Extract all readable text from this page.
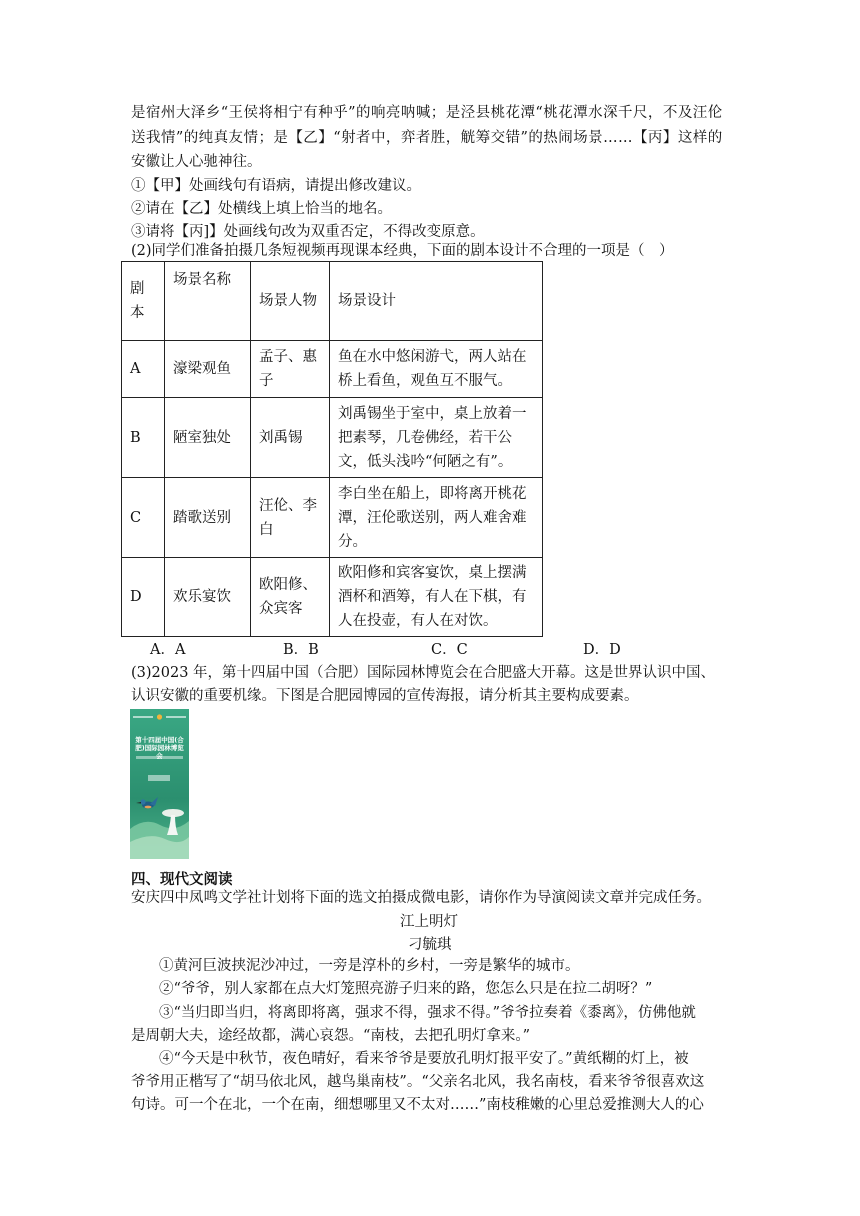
是宿州大泽乡“王侯将相宁有种乎”的响亮呐喊；是泾县桃花潭“桃花潭水深千尺，不及汪伦
送我情”的纯真友情；是【乙】“射者中，弈者胜，觥筹交错”的热闹场景……【丙】这样的
安徽让人心驰神往。
①【甲】处画线句有语病，请提出修改建议。
②请在【乙】处横线上填上恰当的地名。
③请将【丙]】处画线句改为双重否定，不得改变原意。
(2)同学们准备拍摄几条短视频再现课本经典，下面的剧本设计不合理的一项是（　）
剧本	场景名称	场景人物	场景设计
A	濠梁观鱼	孟子、惠子	鱼在水中悠闲游弋，两人站在桥上看鱼，观鱼互不服气。
B	陋室独处	刘禹锡	刘禹锡坐于室中，桌上放着一把素琴，几卷佛经，若干公文，低头浅吟“何陋之有”。
C	踏歌送别	汪伦、李白	李白坐在船上，即将离开桃花潭，汪伦歌送别，两人难舍难分。
D	欢乐宴饮	欧阳修、众宾客	欧阳修和宾客宴饮，桌上摆满酒杯和酒筹，有人在下棋，有人在投壶，有人在对饮。
A．A	B．B	C．C	D．D
(3)2023 年，第十四届中国（合肥）国际园林博览会在合肥盛大开幕。这是世界认识中国、
认识安徽的重要机缘。下图是合肥园博园的宣传海报，请分析其主要构成要素。
第十四届中国(合肥)国际园林博览会
四、现代文阅读
安庆四中凤鸣文学社计划将下面的选文拍摄成微电影，请你作为导演阅读文章并完成任务。
江上明灯
刁毓琪
①黄河巨波挟泥沙冲过，一旁是淳朴的乡村，一旁是繁华的城市。
②“爷爷，别人家都在点大灯笼照亮游子归来的路，您怎么只是在拉二胡呀？”
③“当归即当归，将离即将离，强求不得，强求不得。”爷爷拉奏着《黍离》，仿佛他就
是周朝大夫，途经故都，满心哀怨。“南枝，去把孔明灯拿来。”
④“今天是中秋节，夜色晴好，看来爷爷是要放孔明灯报平安了。”黄纸糊的灯上，被
爷爷用正楷写了“胡马依北风，越鸟巢南枝”。“父亲名北风，我名南枝，看来爷爷很喜欢这
句诗。可一个在北，一个在南，细想哪里又不太对……”南枝稚嫩的心里总爱推测大人的心
